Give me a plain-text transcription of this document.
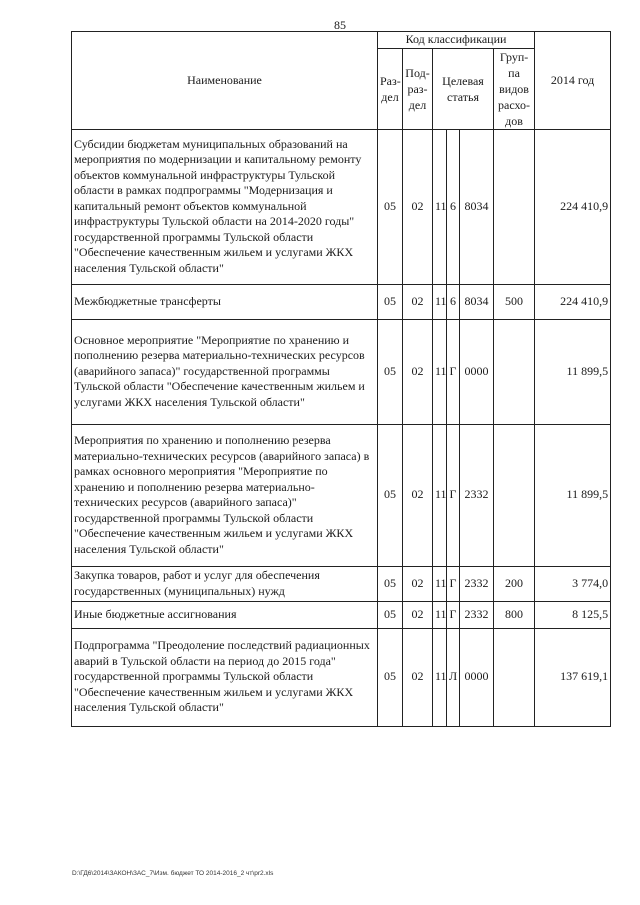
85
Наименование	Код классификации						2014 год
	Раз-дел	Под-раз-дел	Целевая статья			Груп-па видов расхо-дов	
Субсидии бюджетам муниципальных образований на мероприятия по модернизации и капитальному ремонту объектов коммунальной инфраструктуры Тульской области в рамках подпрограммы "Модернизация и капитальный ремонт объектов коммунальной инфраструктуры Тульской области на 2014-2020 годы" государственной программы Тульской области "Обеспечение качественным жильем и услугами ЖКХ населения Тульской области"	05	02	11	6	8034		224 410,9
Межбюджетные трансферты	05	02	11	6	8034	500	224 410,9
Основное мероприятие "Мероприятие по хранению и пополнению резерва материально-технических ресурсов (аварийного запаса)" государственной программы Тульской области "Обеспечение качественным жильем и услугами ЖКХ населения Тульской области"	05	02	11	Г	0000		11 899,5
Мероприятия по хранению и пополнению резерва материально-технических ресурсов (аварийного запаса) в рамках основного мероприятия "Мероприятие по хранению и пополнению резерва материально-технических ресурсов (аварийного запаса)" государственной программы Тульской области "Обеспечение качественным жильем и услугами ЖКХ населения Тульской области"	05	02	11	Г	2332		11 899,5
Закупка товаров, работ и услуг для обеспечения государственных (муниципальных) нужд	05	02	11	Г	2332	200	3 774,0
Иные бюджетные ассигнования	05	02	11	Г	2332	800	8 125,5
Подпрограмма "Преодоление последствий радиационных аварий в Тульской области на период до 2015 года" государственной программы Тульской области "Обеспечение качественным жильем и услугами ЖКХ населения Тульской области"	05	02	11	Л	0000		137 619,1
D:\ГД6\2014\ЗАКОН\ЗАС_7\Изм. бюджет ТО 2014-2016_2 чт\pr2.xls
